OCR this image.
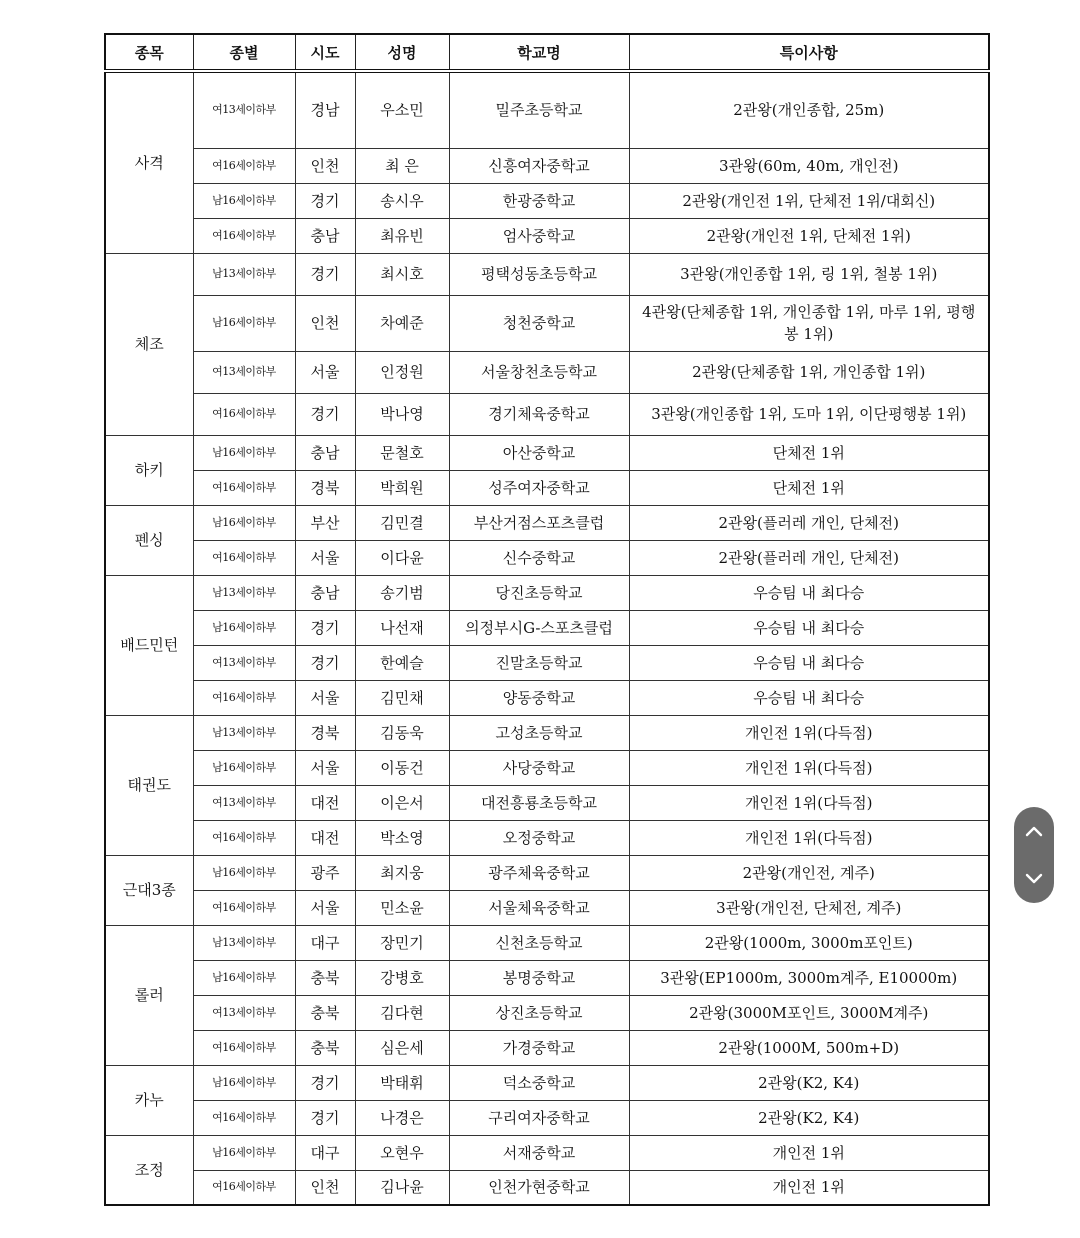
종목	종별	시도	성명	학교명	특이사항
사격	여13세이하부	경남	우소민	밀주초등학교	2관왕(개인종합, 25m)
	여16세이하부	인천	최 은	신흥여자중학교	3관왕(60m, 40m, 개인전)
	남16세이하부	경기	송시우	한광중학교	2관왕(개인전 1위, 단체전 1위/대회신)
	여16세이하부	충남	최유빈	엄사중학교	2관왕(개인전 1위, 단체전 1위)
체조	남13세이하부	경기	최시호	평택성동초등학교	3관왕(개인종합 1위, 링 1위, 철봉 1위)
	남16세이하부	인천	차예준	청천중학교	4관왕(단체종합 1위, 개인종합 1위, 마루 1위, 평행봉 1위)
	여13세이하부	서울	인정원	서울창천초등학교	2관왕(단체종합 1위, 개인종합 1위)
	여16세이하부	경기	박나영	경기체육중학교	3관왕(개인종합 1위, 도마 1위, 이단평행봉 1위)
하키	남16세이하부	충남	문철호	아산중학교	단체전 1위
	여16세이하부	경북	박희원	성주여자중학교	단체전 1위
펜싱	남16세이하부	부산	김민결	부산거점스포츠클럽	2관왕(플러레 개인, 단체전)
	여16세이하부	서울	이다윤	신수중학교	2관왕(플러레 개인, 단체전)
배드민턴	남13세이하부	충남	송기범	당진초등학교	우승팀 내 최다승
	남16세이하부	경기	나선재	의정부시G-스포츠클럽	우승팀 내 최다승
	여13세이하부	경기	한예슬	진말초등학교	우승팀 내 최다승
	여16세이하부	서울	김민채	양동중학교	우승팀 내 최다승
태권도	남13세이하부	경북	김동욱	고성초등학교	개인전 1위(다득점)
	남16세이하부	서울	이동건	사당중학교	개인전 1위(다득점)
	여13세이하부	대전	이은서	대전흥룡초등학교	개인전 1위(다득점)
	여16세이하부	대전	박소영	오정중학교	개인전 1위(다득점)
근대3종	남16세이하부	광주	최지웅	광주체육중학교	2관왕(개인전, 계주)
	여16세이하부	서울	민소윤	서울체육중학교	3관왕(개인전, 단체전, 계주)
롤러	남13세이하부	대구	장민기	신천초등학교	2관왕(1000m, 3000m포인트)
	남16세이하부	충북	강병호	봉명중학교	3관왕(EP1000m, 3000m계주, E10000m)
	여13세이하부	충북	김다현	상진초등학교	2관왕(3000M포인트, 3000M계주)
	여16세이하부	충북	심은세	가경중학교	2관왕(1000M, 500m+D)
카누	남16세이하부	경기	박태휘	덕소중학교	2관왕(K2, K4)
	여16세이하부	경기	나경은	구리여자중학교	2관왕(K2, K4)
조정	남16세이하부	대구	오현우	서재중학교	개인전 1위
	여16세이하부	인천	김나윤	인천가현중학교	개인전 1위
